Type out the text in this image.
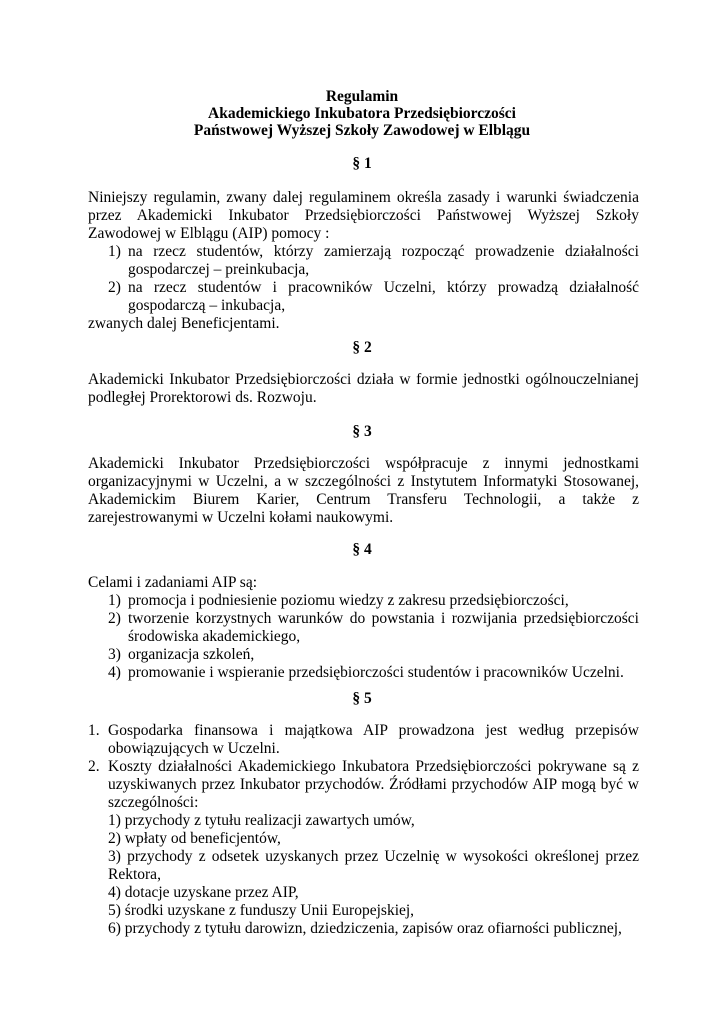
Regulamin
Akademickiego Inkubatora Przedsiębiorczości
Państwowej Wyższej Szkoły Zawodowej w Elblągu
§ 1

Niniejszy regulamin, zwany dalej regulaminem określa zasady i warunki świadczenia przez Akademicki Inkubator Przedsiębiorczości Państwowej Wyższej Szkoły Zawodowej w Elblągu (AIP) pomocy :

1) na rzecz studentów, którzy zamierzają rozpocząć prowadzenie działalności gospodarczej – preinkubacja,
2) na rzecz studentów i pracowników Uczelni, którzy prowadzą działalność gospodarczą – inkubacja,

zwanych dalej Beneficjentami.

§ 2

Akademicki Inkubator Przedsiębiorczości działa w formie jednostki ogólnouczelnianej podległej Prorektorowi ds. Rozwoju.

§ 3

Akademicki Inkubator Przedsiębiorczości współpracuje z innymi jednostkami organizacyjnymi w Uczelni, a w szczególności z Instytutem Informatyki Stosowanej, Akademickim Biurem Karier, Centrum Transferu Technologii, a także z zarejestrowanymi w Uczelni kołami naukowymi.

§ 4

Celami i zadaniami AIP są:

1) promocja i podniesienie poziomu wiedzy z zakresu przedsiębiorczości,
2) tworzenie korzystnych warunków do powstania i rozwijania przedsiębiorczości środowiska akademickiego,
3) organizacja szkoleń,
4) promowanie i wspieranie przedsiębiorczości studentów i pracowników Uczelni.
§ 5
1. Gospodarka finansowa i majątkowa AIP prowadzona jest według przepisów obowiązujących w Uczelni.
2. Koszty działalności Akademickiego Inkubatora Przedsiębiorczości pokrywane są z uzyskiwanych przez Inkubator przychodów. Źródłami przychodów AIP mogą być w szczególności:
1) przychody z tytułu realizacji zawartych umów,
2) wpłaty od beneficjentów,
3) przychody z odsetek uzyskanych przez Uczelnię w wysokości określonej przez Rektora,
4) dotacje uzyskane przez AIP,
5) środki uzyskane z funduszy Unii Europejskiej,
6) przychody z tytułu darowizn, dziedziczenia, zapisów oraz ofiarności publicznej,
